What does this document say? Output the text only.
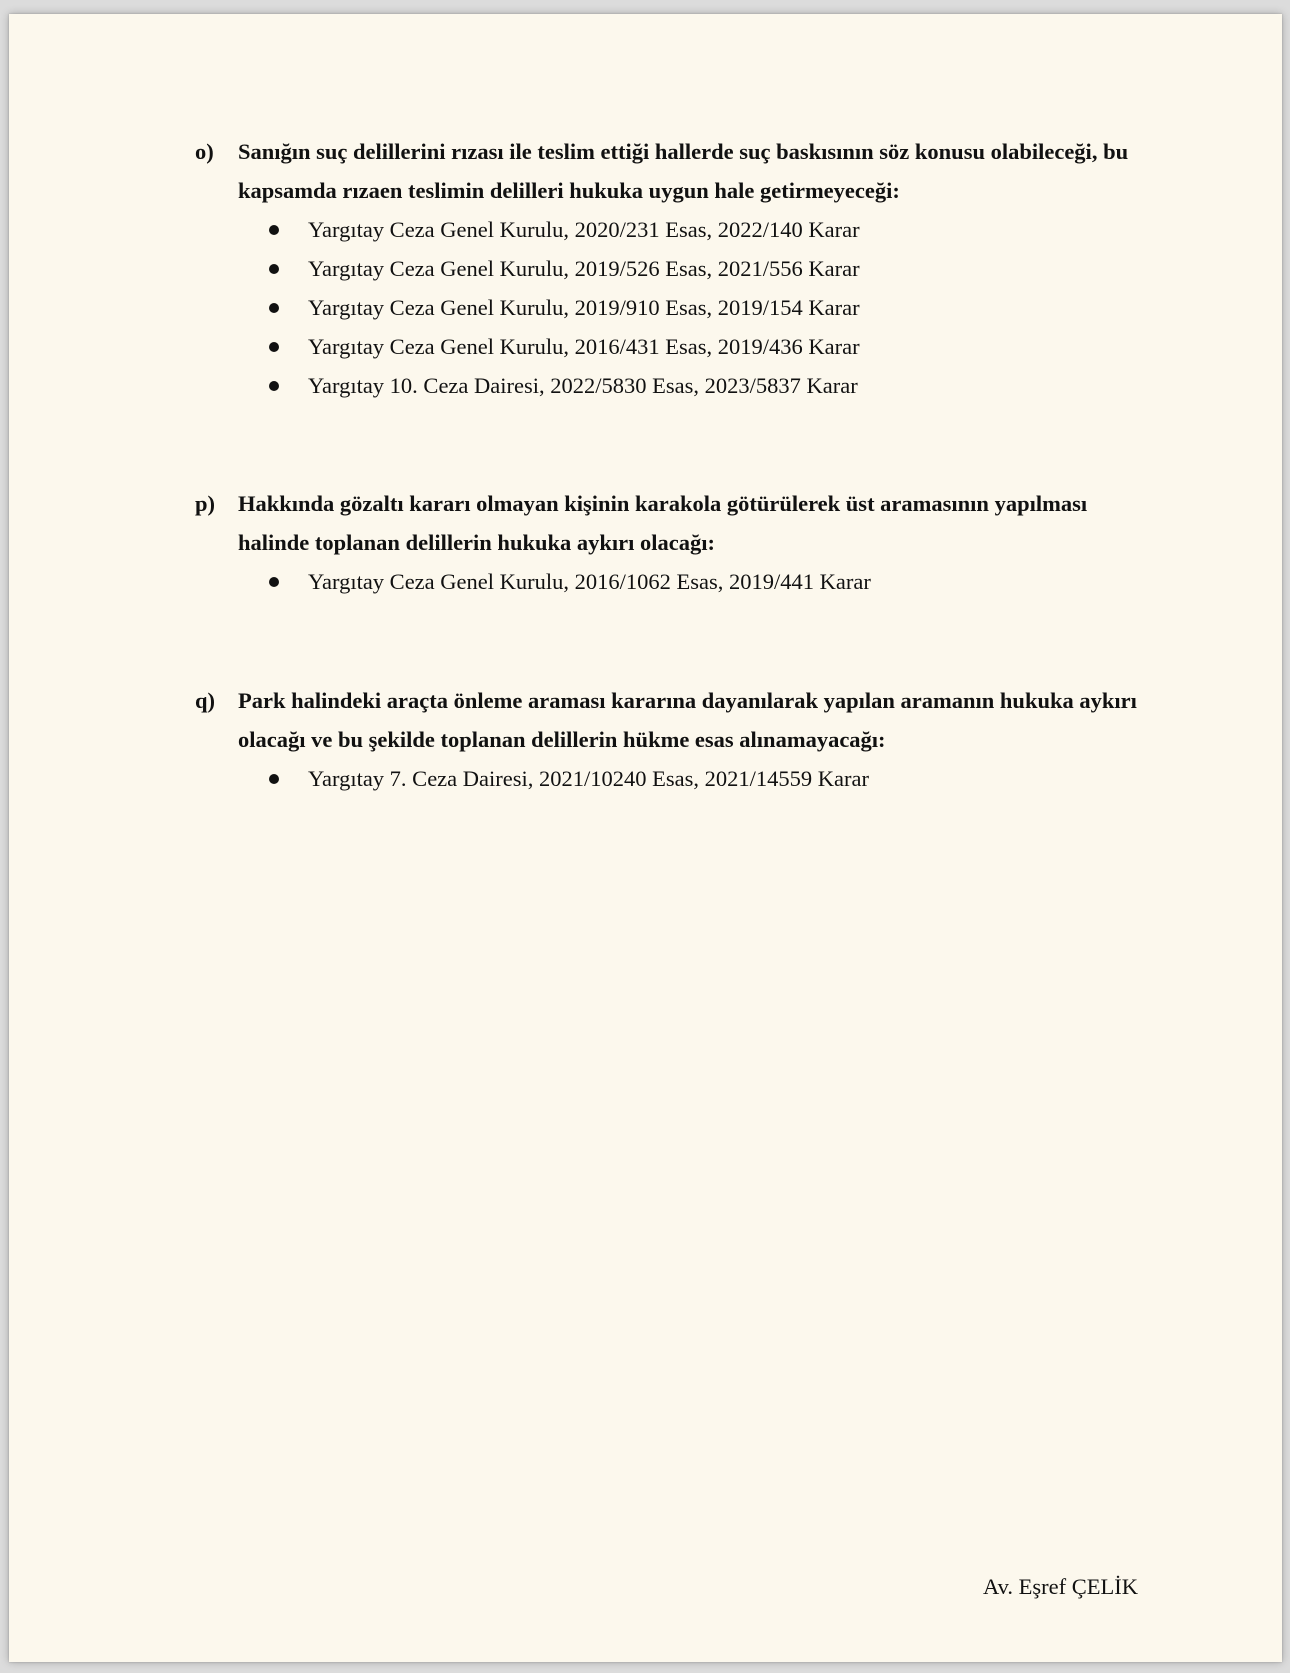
o) Sanığın suç delillerini rızası ile teslim ettiği hallerde suç baskısının söz konusu olabileceği, bu kapsamda rızaen teslimin delilleri hukuka uygun hale getirmeyeceği:
Yargıtay Ceza Genel Kurulu, 2020/231 Esas, 2022/140 Karar
Yargıtay Ceza Genel Kurulu, 2019/526 Esas, 2021/556 Karar
Yargıtay Ceza Genel Kurulu, 2019/910 Esas, 2019/154 Karar
Yargıtay Ceza Genel Kurulu, 2016/431 Esas, 2019/436 Karar
Yargıtay 10. Ceza Dairesi, 2022/5830 Esas, 2023/5837 Karar
p) Hakkında gözaltı kararı olmayan kişinin karakola götürülerek üst aramasının yapılması halinde toplanan delillerin hukuka aykırı olacağı:
Yargıtay Ceza Genel Kurulu, 2016/1062 Esas, 2019/441 Karar
q) Park halindeki araçta önleme araması kararına dayanılarak yapılan aramanın hukuka aykırı olacağı ve bu şekilde toplanan delillerin hükme esas alınamayacağı:
Yargıtay 7. Ceza Dairesi, 2021/10240 Esas, 2021/14559 Karar
Av. Eşref ÇELİK
